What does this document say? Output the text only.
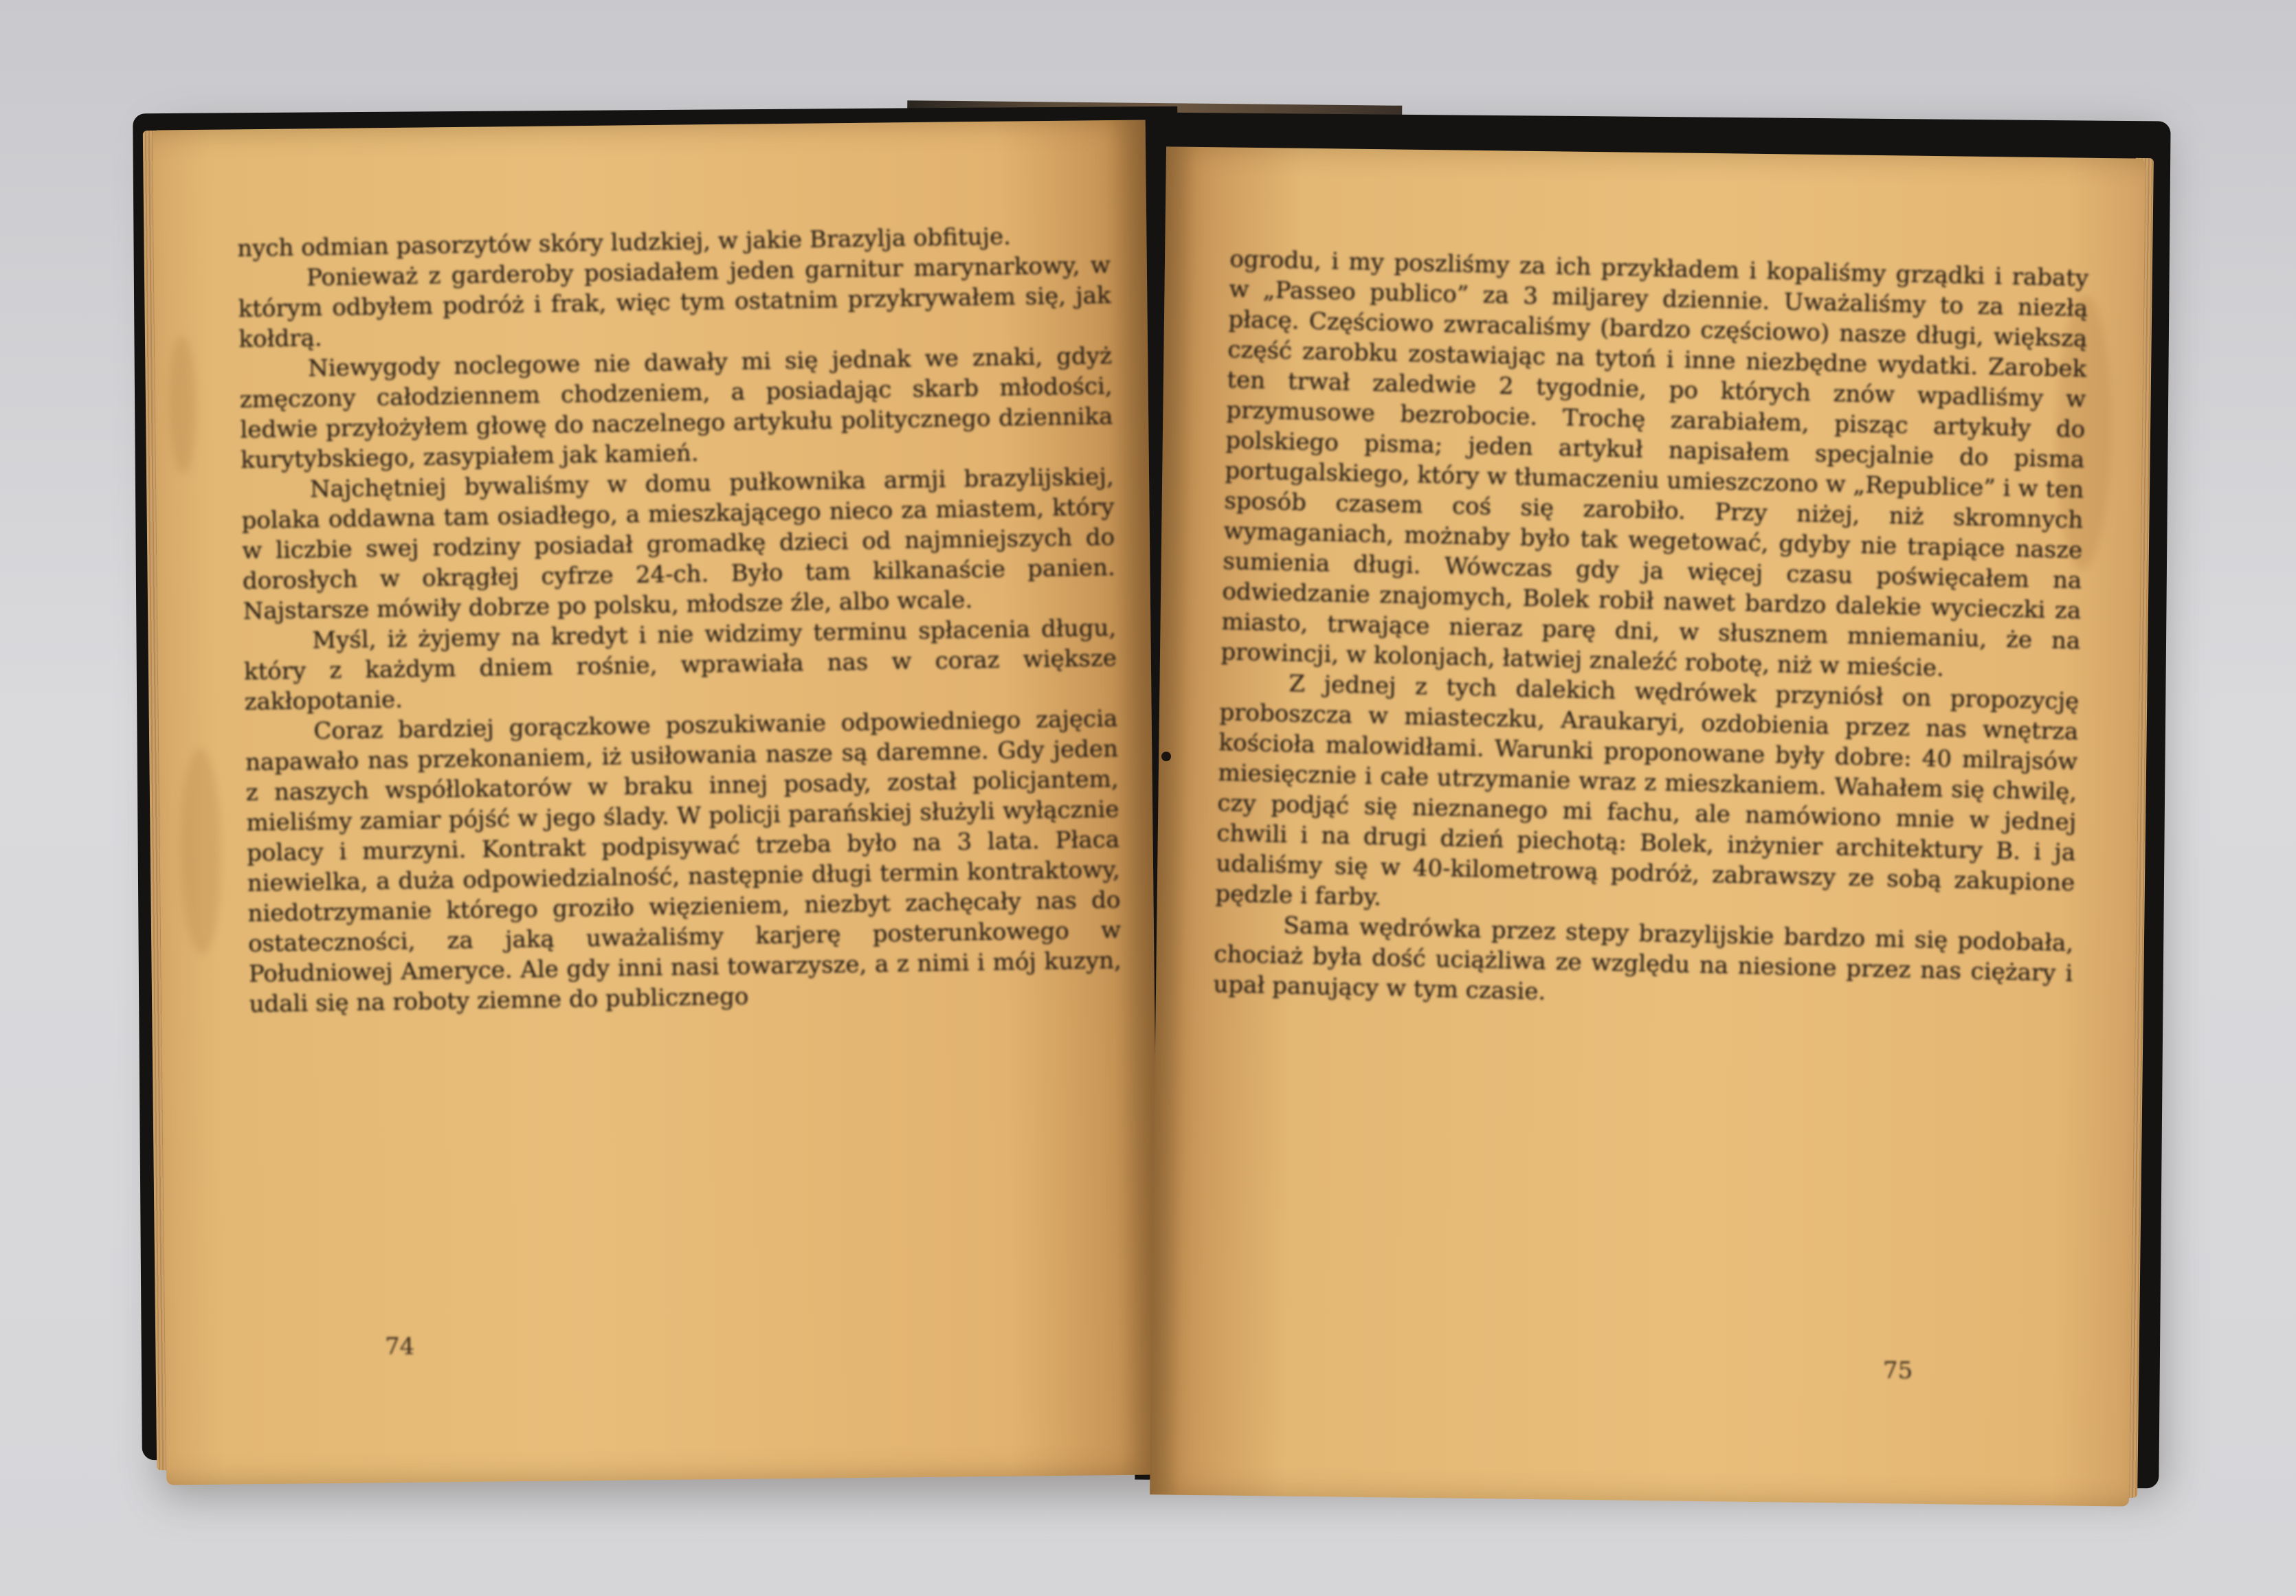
nych odmian pasorzytów skóry ludzkiej, w jakie Brazylja obfituje.

Ponieważ z garderoby posiadałem jeden garnitur marynarkowy, w którym odbyłem podróż i frak, więc tym ostatnim przykrywałem się, jak kołdrą.

Niewygody noclegowe nie dawały mi się jednak we znaki, gdyż zmęczony całodziennem chodzeniem, a posiadając skarb młodości, ledwie przyłożyłem głowę do naczelnego artykułu politycznego dziennika kurytybskiego, zasypiałem jak kamień.

Najchętniej bywaliśmy w domu pułkownika armji brazylijskiej, polaka oddawna tam osiadłego, a mieszkającego nieco za miastem, który w liczbie swej rodziny posiadał gromadkę dzieci od najmniejszych do dorosłych w okrągłej cyfrze 24-ch. Było tam kilkanaście panien. Najstarsze mówiły dobrze po polsku, młodsze źle, albo wcale.

Myśl, iż żyjemy na kredyt i nie widzimy terminu spłacenia długu, który z każdym dniem rośnie, wprawiała nas w coraz większe zakłopotanie.

Coraz bardziej gorączkowe poszukiwanie odpowiedniego zajęcia napawało nas przekonaniem, iż usiłowania nasze są daremne. Gdy jeden z naszych współlokatorów w braku innej posady, został policjantem, mieliśmy zamiar pójść w jego ślady. W policji parańskiej służyli wyłącznie polacy i murzyni. Kontrakt podpisywać trzeba było na 3 lata. Płaca niewielka, a duża odpowiedzialność, następnie długi termin kontraktowy, niedotrzymanie którego groziło więzieniem, niezbyt zachęcały nas do ostateczności, za jaką uważaliśmy karjerę posterunkowego w Południowej Ameryce. Ale gdy inni nasi towarzysze, a z nimi i mój kuzyn, udali się na roboty ziemne do publicznego

74

ogrodu, i my poszliśmy za ich przykładem i kopaliśmy grządki i rabaty w „Passeo publico” za 3 miljarey dziennie. Uważaliśmy to za niezłą płacę. Częściowo zwracaliśmy (bardzo częściowo) nasze długi, większą część zarobku zostawiając na tytoń i inne niezbędne wydatki. Zarobek ten trwał zaledwie 2 tygodnie, po których znów wpadliśmy w przymusowe bezrobocie. Trochę zarabiałem, pisząc artykuły do polskiego pisma; jeden artykuł napisałem specjalnie do pisma portugalskiego, który w tłumaczeniu umieszczono w „Republice” i w ten sposób czasem coś się zarobiło. Przy niżej, niż skromnych wymaganiach, możnaby było tak wegetować, gdyby nie trapiące nasze sumienia długi. Wówczas gdy ja więcej czasu poświęcałem na odwiedzanie znajomych, Bolek robił nawet bardzo dalekie wycieczki za miasto, trwające nieraz parę dni, w słusznem mniemaniu, że na prowincji, w kolonjach, łatwiej znaleźć robotę, niż w mieście.

Z jednej z tych dalekich wędrówek przyniósł on propozycję proboszcza w miasteczku, Araukaryi, ozdobienia przez nas wnętrza kościoła malowidłami. Warunki proponowane były dobre: 40 milrajsów miesięcznie i całe utrzymanie wraz z mieszkaniem. Wahałem się chwilę, czy podjąć się nieznanego mi fachu, ale namówiono mnie w jednej chwili i na drugi dzień piechotą: Bolek, inżynier architektury B. i ja udaliśmy się w 40-kilometrową podróż, zabrawszy ze sobą zakupione pędzle i farby.

Sama wędrówka przez stepy brazylijskie bardzo mi się podobała, chociaż była dość uciążliwa ze względu na niesione przez nas ciężary i upał panujący w tym czasie.

75
